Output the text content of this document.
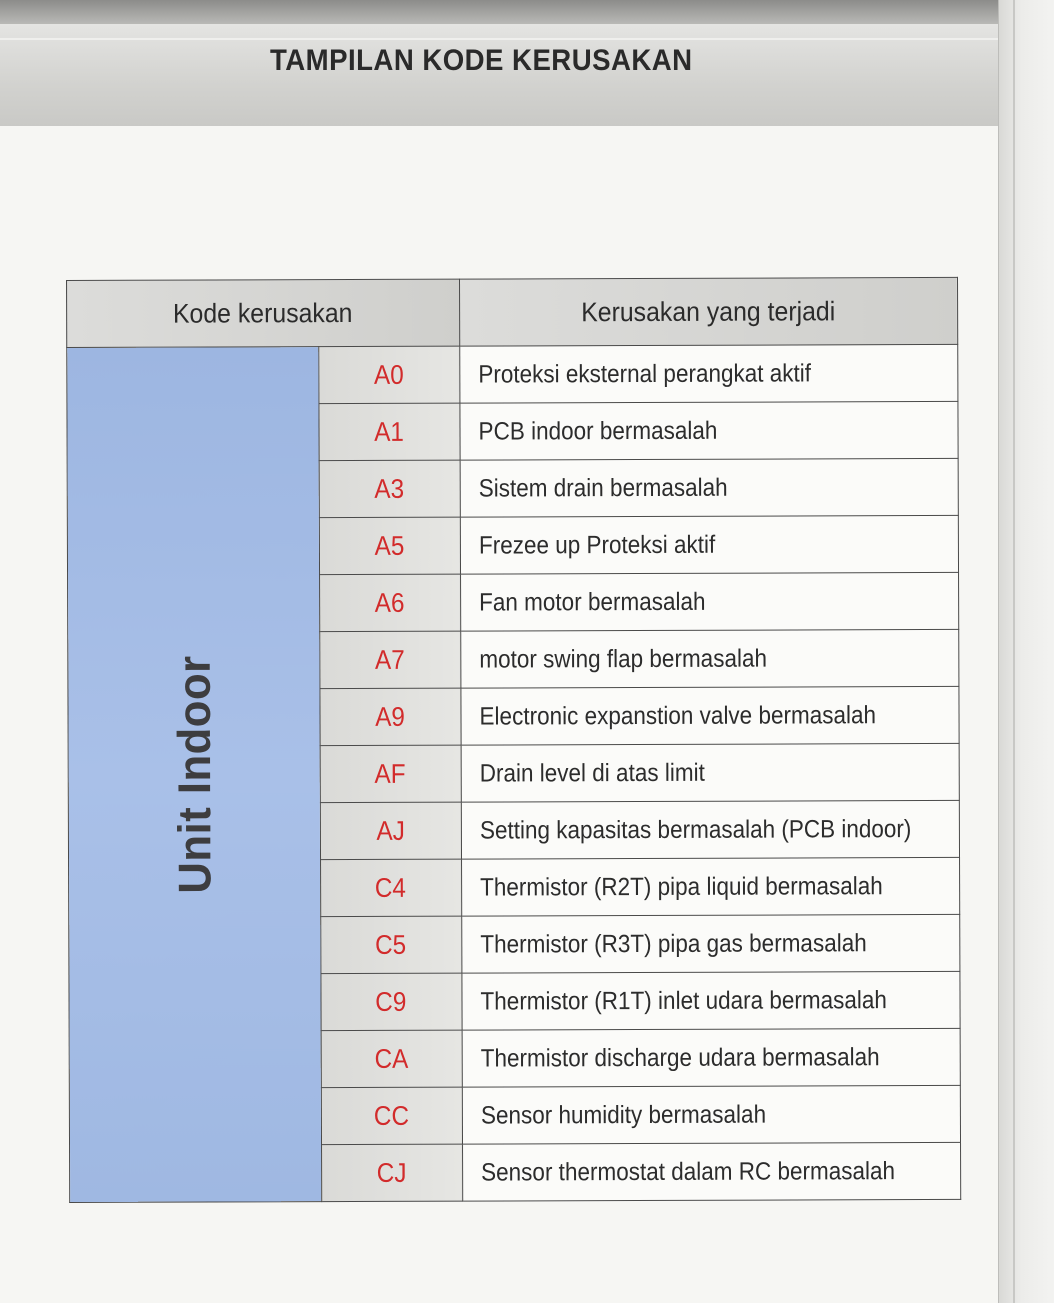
TAMPILAN KODE KERUSAKAN
Kode kerusakan		Kerusakan yang terjadi
Unit Indoor	A0	Proteksi eksternal perangkat aktif
	A1	PCB indoor bermasalah
	A3	Sistem drain bermasalah
	A5	Frezee up Proteksi aktif
	A6	Fan motor bermasalah
	A7	motor swing flap bermasalah
	A9	Electronic expanstion valve bermasalah
	AF	Drain level di atas limit
	AJ	Setting kapasitas bermasalah (PCB indoor)
	C4	Thermistor (R2T) pipa liquid bermasalah
	C5	Thermistor (R3T) pipa gas bermasalah
	C9	Thermistor (R1T) inlet udara bermasalah
	CA	Thermistor discharge udara bermasalah
	CC	Sensor humidity bermasalah
	CJ	Sensor thermostat dalam RC bermasalah
